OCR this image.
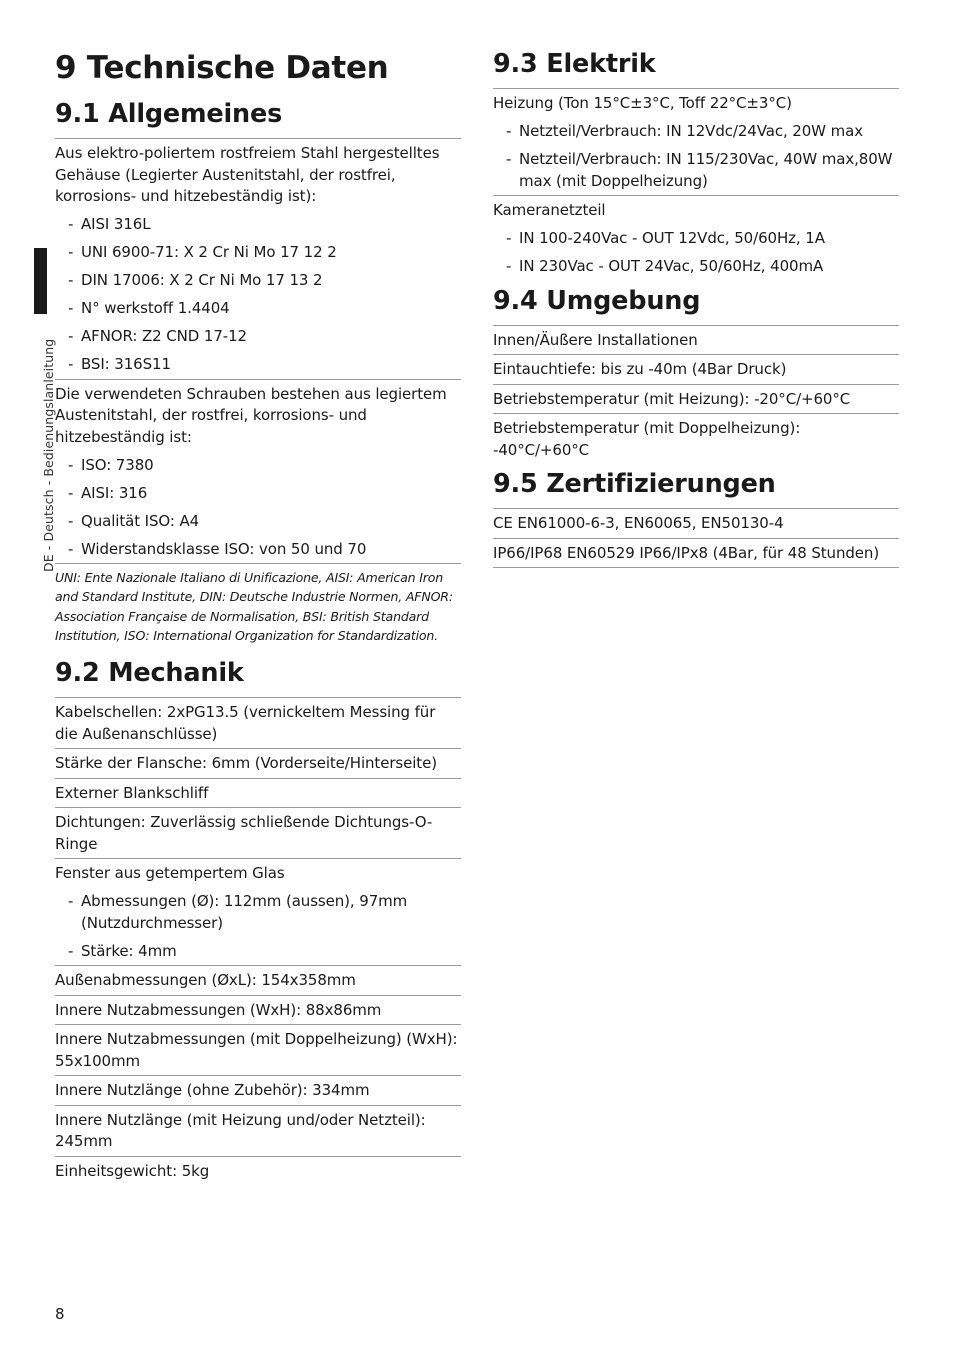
DE - Deutsch - Bedienungslanleitung
9 Technische Daten
9.1 Allgemeines
Aus elektro-poliertem rostfreiem Stahl hergestelltes Gehäuse (Legierter Austenitstahl, der rostfrei, korrosions- und hitzebeständig ist):
- AISI 316L
- UNI 6900-71: X 2 Cr Ni Mo 17 12 2
- DIN 17006: X 2 Cr Ni Mo 17 13 2
- N° werkstoff 1.4404
- AFNOR: Z2 CND 17-12
- BSI: 316S11
Die verwendeten Schrauben bestehen aus legiertem Austenitstahl, der rostfrei, korrosions- und hitzebeständig ist:
- ISO: 7380
- AISI: 316
- Qualität ISO: A4
- Widerstandsklasse ISO: von 50 und 70
UNI: Ente Nazionale Italiano di Unificazione, AISI: American Iron and Standard Institute, DIN: Deutsche Industrie Normen, AFNOR: Association Française de Normalisation, BSI: British Standard Institution, ISO: International Organization for Standardization.
9.2 Mechanik
Kabelschellen: 2xPG13.5 (vernickeltem Messing für die Außenanschlüsse)
Stärke der Flansche: 6mm (Vorderseite/Hinterseite)
Externer Blankschliff
Dichtungen: Zuverlässig schließende Dichtungs-O-Ringe
Fenster aus getempertem Glas
- Abmessungen (Ø): 112mm (aussen), 97mm (Nutzdurchmesser)
- Stärke: 4mm
Außenabmessungen (ØxL): 154x358mm
Innere Nutzabmessungen (WxH): 88x86mm
Innere Nutzabmessungen (mit Doppelheizung) (WxH): 55x100mm
Innere Nutzlänge (ohne Zubehör): 334mm
Innere Nutzlänge (mit Heizung und/oder Netzteil): 245mm
Einheitsgewicht: 5kg
9.3 Elektrik
Heizung (Ton 15°C±3°C, Toff 22°C±3°C)
- Netzteil/Verbrauch: IN 12Vdc/24Vac, 20W max
- Netzteil/Verbrauch: IN 115/230Vac, 40W max,80W max (mit Doppelheizung)
Kameranetzteil
- IN 100-240Vac - OUT 12Vdc, 50/60Hz, 1A
- IN 230Vac - OUT 24Vac, 50/60Hz, 400mA
9.4 Umgebung
Innen/Äußere Installationen
Eintauchtiefe: bis zu -40m (4Bar Druck)
Betriebstemperatur (mit Heizung): -20°C/+60°C
Betriebstemperatur (mit Doppelheizung): -40°C/+60°C
9.5 Zertifizierungen
CE EN61000-6-3, EN60065, EN50130-4
IP66/IP68 EN60529 IP66/IPx8 (4Bar, für 48 Stunden)
8
